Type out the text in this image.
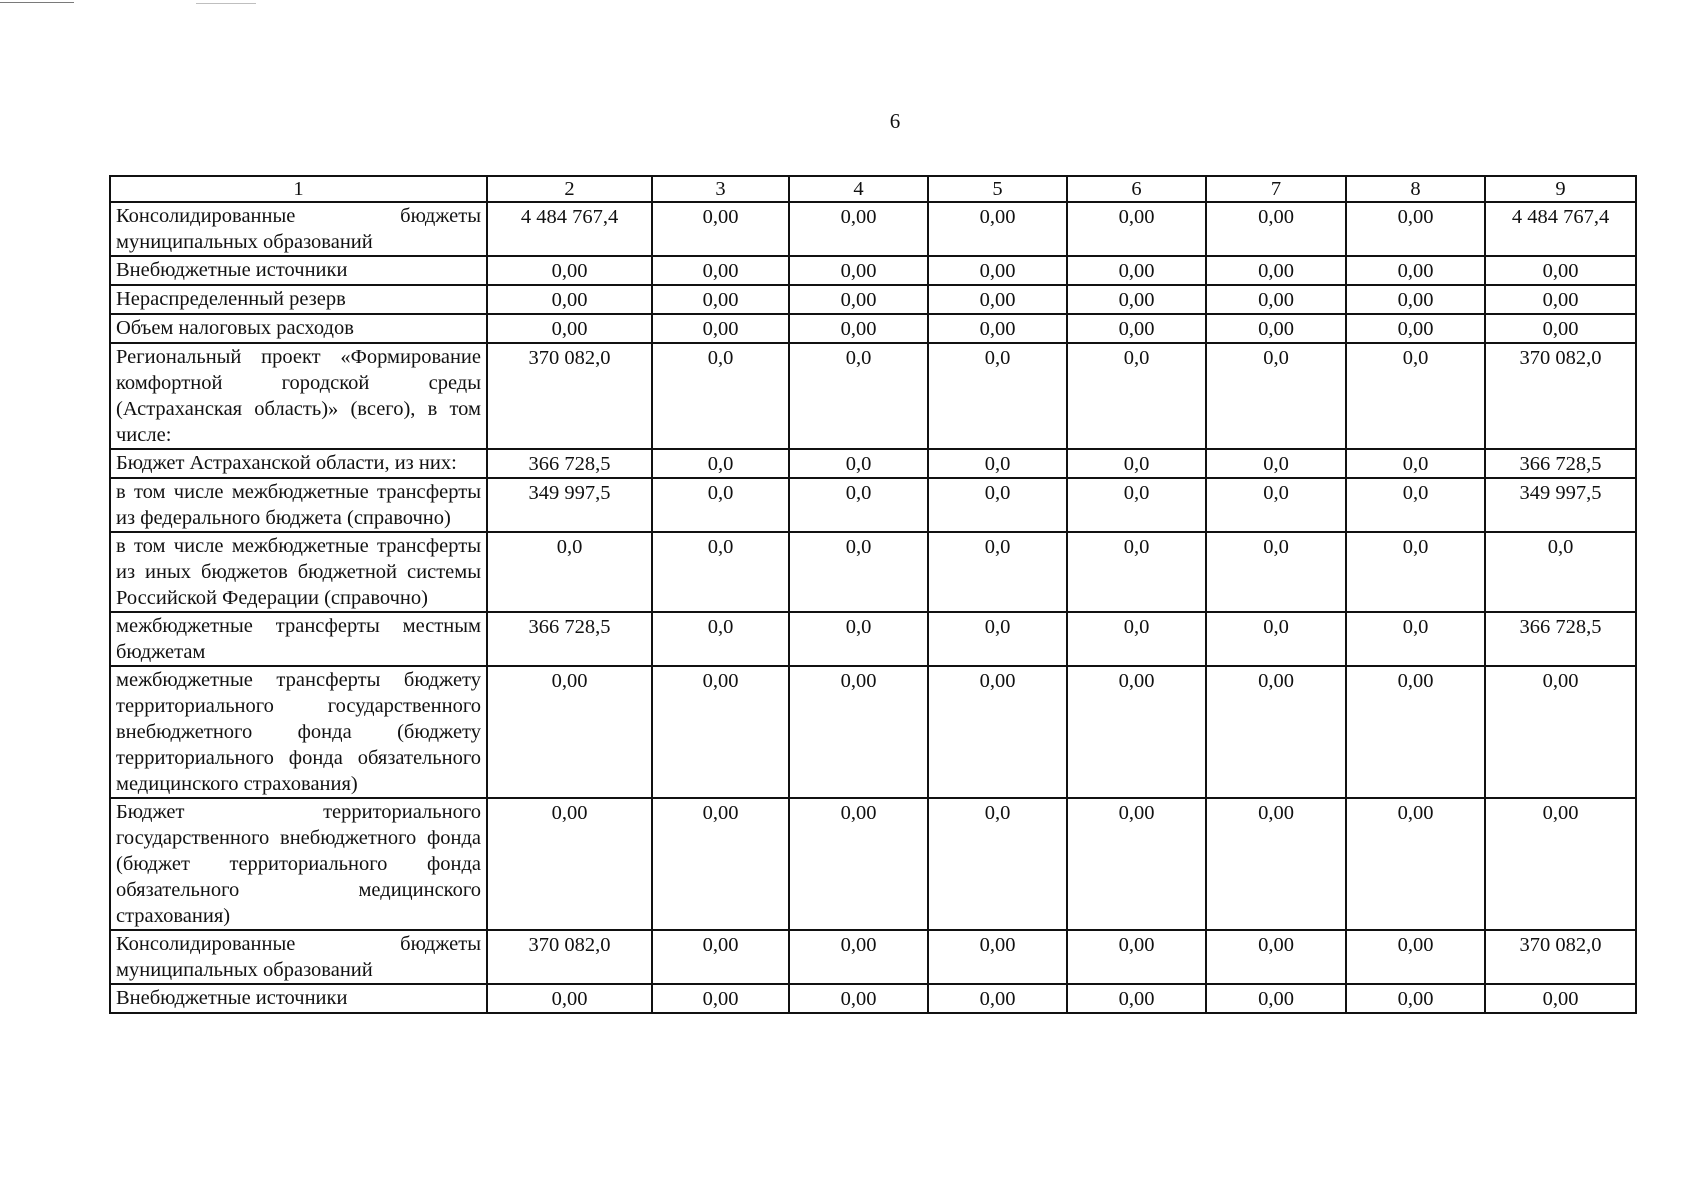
6
1	2	3	4	5	6	7	8	9
Консолидированные бюджеты муниципальных образований	4 484 767,4	0,00	0,00	0,00	0,00	0,00	0,00	4 484 767,4
Внебюджетные источники	0,00	0,00	0,00	0,00	0,00	0,00	0,00	0,00
Нераспределенный резерв	0,00	0,00	0,00	0,00	0,00	0,00	0,00	0,00
Объем налоговых расходов	0,00	0,00	0,00	0,00	0,00	0,00	0,00	0,00
Региональный проект «Формирование комфортной городской среды (Астраханская область)» (всего), в том числе:	370 082,0	0,0	0,0	0,0	0,0	0,0	0,0	370 082,0
Бюджет Астраханской области, из них:	366 728,5	0,0	0,0	0,0	0,0	0,0	0,0	366 728,5
в том числе межбюджетные трансферты из федерального бюджета (справочно)	349 997,5	0,0	0,0	0,0	0,0	0,0	0,0	349 997,5
в том числе межбюджетные трансферты из иных бюджетов бюджетной системы Российской Федерации (справочно)	0,0	0,0	0,0	0,0	0,0	0,0	0,0	0,0
межбюджетные трансферты местным бюджетам	366 728,5	0,0	0,0	0,0	0,0	0,0	0,0	366 728,5
межбюджетные трансферты бюджету территориального государственного внебюджетного фонда (бюджету территориального фонда обязательного медицинского страхования)	0,00	0,00	0,00	0,00	0,00	0,00	0,00	0,00
Бюджет территориального государственного внебюджетного фонда (бюджет территориального фонда обязательного медицинского страхования)	0,00	0,00	0,00	0,0	0,00	0,00	0,00	0,00
Консолидированные бюджеты муниципальных образований	370 082,0	0,00	0,00	0,00	0,00	0,00	0,00	370 082,0
Внебюджетные источники	0,00	0,00	0,00	0,00	0,00	0,00	0,00	0,00
